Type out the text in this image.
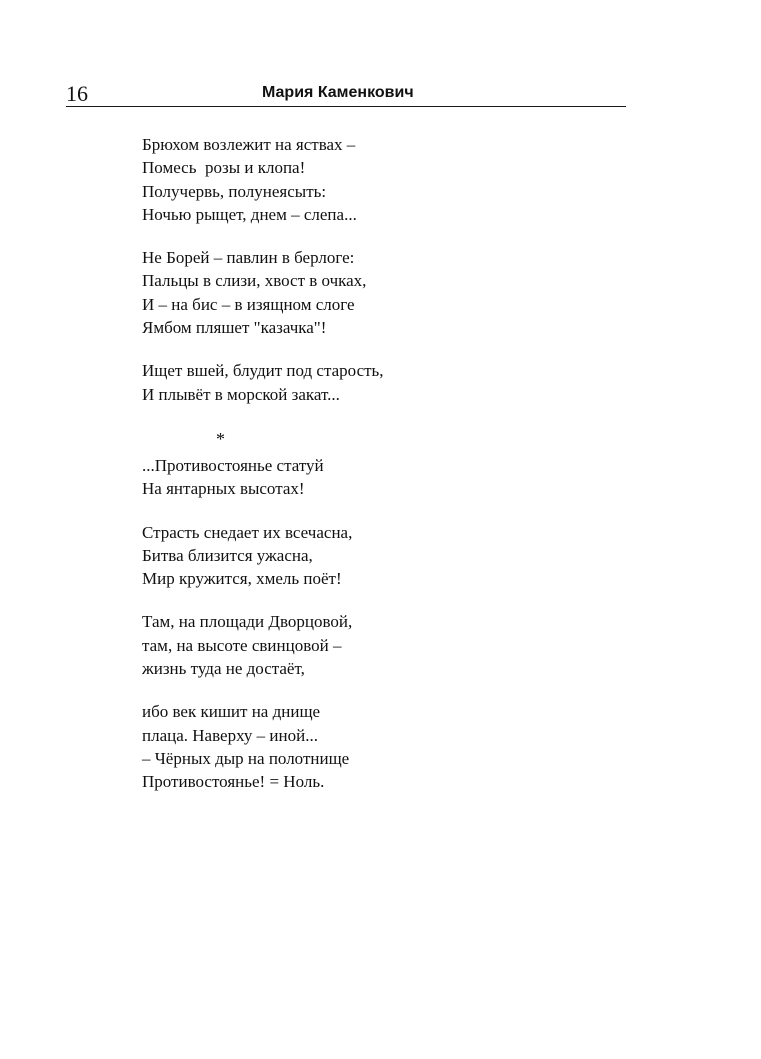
16	Мария Каменкович
Брюхом возлежит на яствах –
Помесь  розы и клопа!
Получервь, полунеясыть:
Ночью рыщет, днем – слепа...
Не Борей – павлин в берлоге:
Пальцы в слизи, хвост в очках,
И – на бис – в изящном слоге
Ямбом пляшет "казачка"!
Ищет вшей, блудит под старость,
И плывёт в морской закат...
*
...Противостоянье статуй
На янтарных высотах!
Страсть снедает их всечасна,
Битва близится ужасна,
Мир кружится, хмель поёт!
Там, на площади Дворцовой,
там, на высоте свинцовой –
жизнь туда не достаёт,
ибо век кишит на днище
плаца. Наверху – иной...
– Чёрных дыр на полотнище
Противостоянье! = Ноль.
